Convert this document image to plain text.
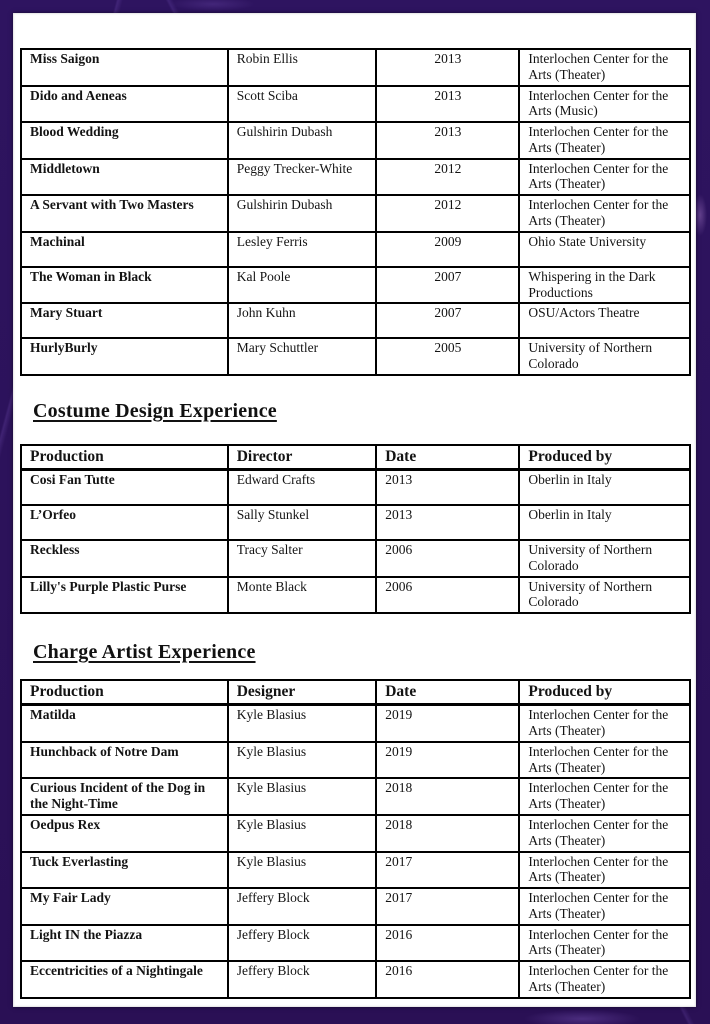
Miss Saigon	Robin Ellis	2013	Interlochen Center for the Arts (Theater)
Dido and Aeneas	Scott Sciba	2013	Interlochen Center for the Arts (Music)
Blood Wedding	Gulshirin Dubash	2013	Interlochen Center for the Arts (Theater)
Middletown	Peggy Trecker-White	2012	Interlochen Center for the Arts (Theater)
A Servant with Two Masters	Gulshirin Dubash	2012	Interlochen Center for the Arts (Theater)
Machinal	Lesley Ferris	2009	Ohio State University
The Woman in Black	Kal Poole	2007	Whispering in the Dark Productions
Mary Stuart	John Kuhn	2007	OSU/Actors Theatre
HurlyBurly	Mary Schuttler	2005	University of Northern Colorado
Costume Design Experience
Production	Director	Date	Produced by
Cosi Fan Tutte	Edward Crafts	2013	Oberlin in Italy
L’Orfeo	Sally Stunkel	2013	Oberlin in Italy
Reckless	Tracy Salter	2006	University of Northern Colorado
Lilly's Purple Plastic Purse	Monte Black	2006	University of Northern Colorado
Charge Artist Experience
Production	Designer	Date	Produced by
Matilda	Kyle Blasius	2019	Interlochen Center for the Arts (Theater)
Hunchback of Notre Dam	Kyle Blasius	2019	Interlochen Center for the Arts (Theater)
Curious Incident of the Dog in the Night-Time	Kyle Blasius	2018	Interlochen Center for the Arts (Theater)
Oedpus Rex	Kyle Blasius	2018	Interlochen Center for the Arts (Theater)
Tuck Everlasting	Kyle Blasius	2017	Interlochen Center for the Arts (Theater)
My Fair Lady	Jeffery Block	2017	Interlochen Center for the Arts (Theater)
Light IN the Piazza	Jeffery Block	2016	Interlochen Center for the Arts (Theater)
Eccentricities of a Nightingale	Jeffery Block	2016	Interlochen Center for the Arts (Theater)
